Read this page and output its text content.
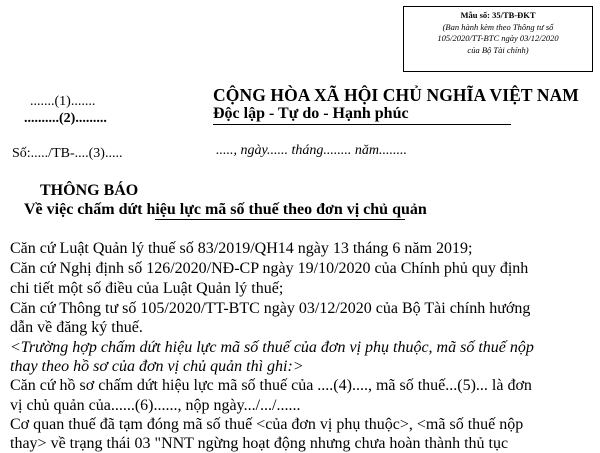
Mẫu số: 35/TB-ĐKT
(Ban hành kèm theo Thông tư số
105/2020/TT-BTC ngày 03/12/2020
của Bộ Tài chính)
.......(1).......
..........(2).........
CỘNG HÒA XÃ HỘI CHỦ NGHĨA VIỆT NAM
Độc lập - Tự do - Hạnh phúc
Số:...../TB-....(3).....	....., ngày...... tháng........ năm........
THÔNG BÁO
Về việc chấm dứt hiệu lực mã số thuế theo đơn vị chủ quản
Căn cứ Luật Quản lý thuế số 83/2019/QH14 ngày 13 tháng 6 năm 2019;
Căn cứ Nghị định số 126/2020/NĐ-CP ngày 19/10/2020 của Chính phủ quy định
chi tiết một số điều của Luật Quản lý thuế;
Căn cứ Thông tư số 105/2020/TT-BTC ngày 03/12/2020 của Bộ Tài chính hướng
dẫn về đăng ký thuế.
<Trường hợp chấm dứt hiệu lực mã số thuế của đơn vị phụ thuộc, mã số thuế nộp
thay theo hồ sơ của đơn vị chủ quản thì ghi:>
Căn cứ hồ sơ chấm dứt hiệu lực mã số thuế của ....(4)...., mã số thuế...(5)... là đơn
vị chủ quản của......(6)......, nộp ngày.../.../......
Cơ quan thuế đã tạm đóng mã số thuế <của đơn vị phụ thuộc>, <mã số thuế nộp
thay> về trạng thái 03 "NNT ngừng hoạt động nhưng chưa hoàn thành thủ tục
